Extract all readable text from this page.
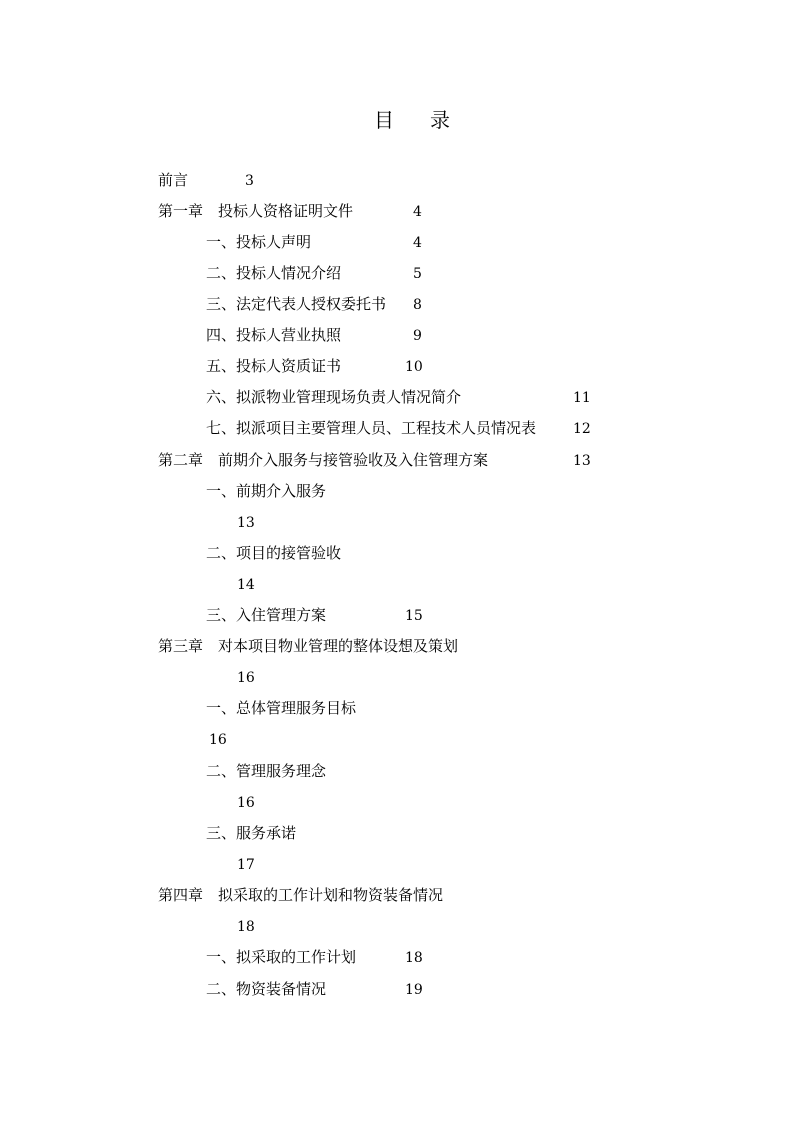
目 录
前言	3
第一章　投标人资格证明文件	4
一、投标人声明	4
二、投标人情况介绍	5
三、法定代表人授权委托书 8
四、投标人营业执照	9
五、投标人资质证书	10
六、拟派物业管理现场负责人情况简介	11
七、拟派项目主要管理人员、工程技术人员情况表	12
第二章　前期介入服务与接管验收及入住管理方案	13
一、前期介入服务
13
二、项目的接管验收
14
三、入住管理方案	15
第三章　对本项目物业管理的整体设想及策划
16
一、总体管理服务目标
16
二、管理服务理念
16
三、服务承诺
17
第四章　拟采取的工作计划和物资装备情况
18
一、拟采取的工作计划	18
二、物资装备情况	19
